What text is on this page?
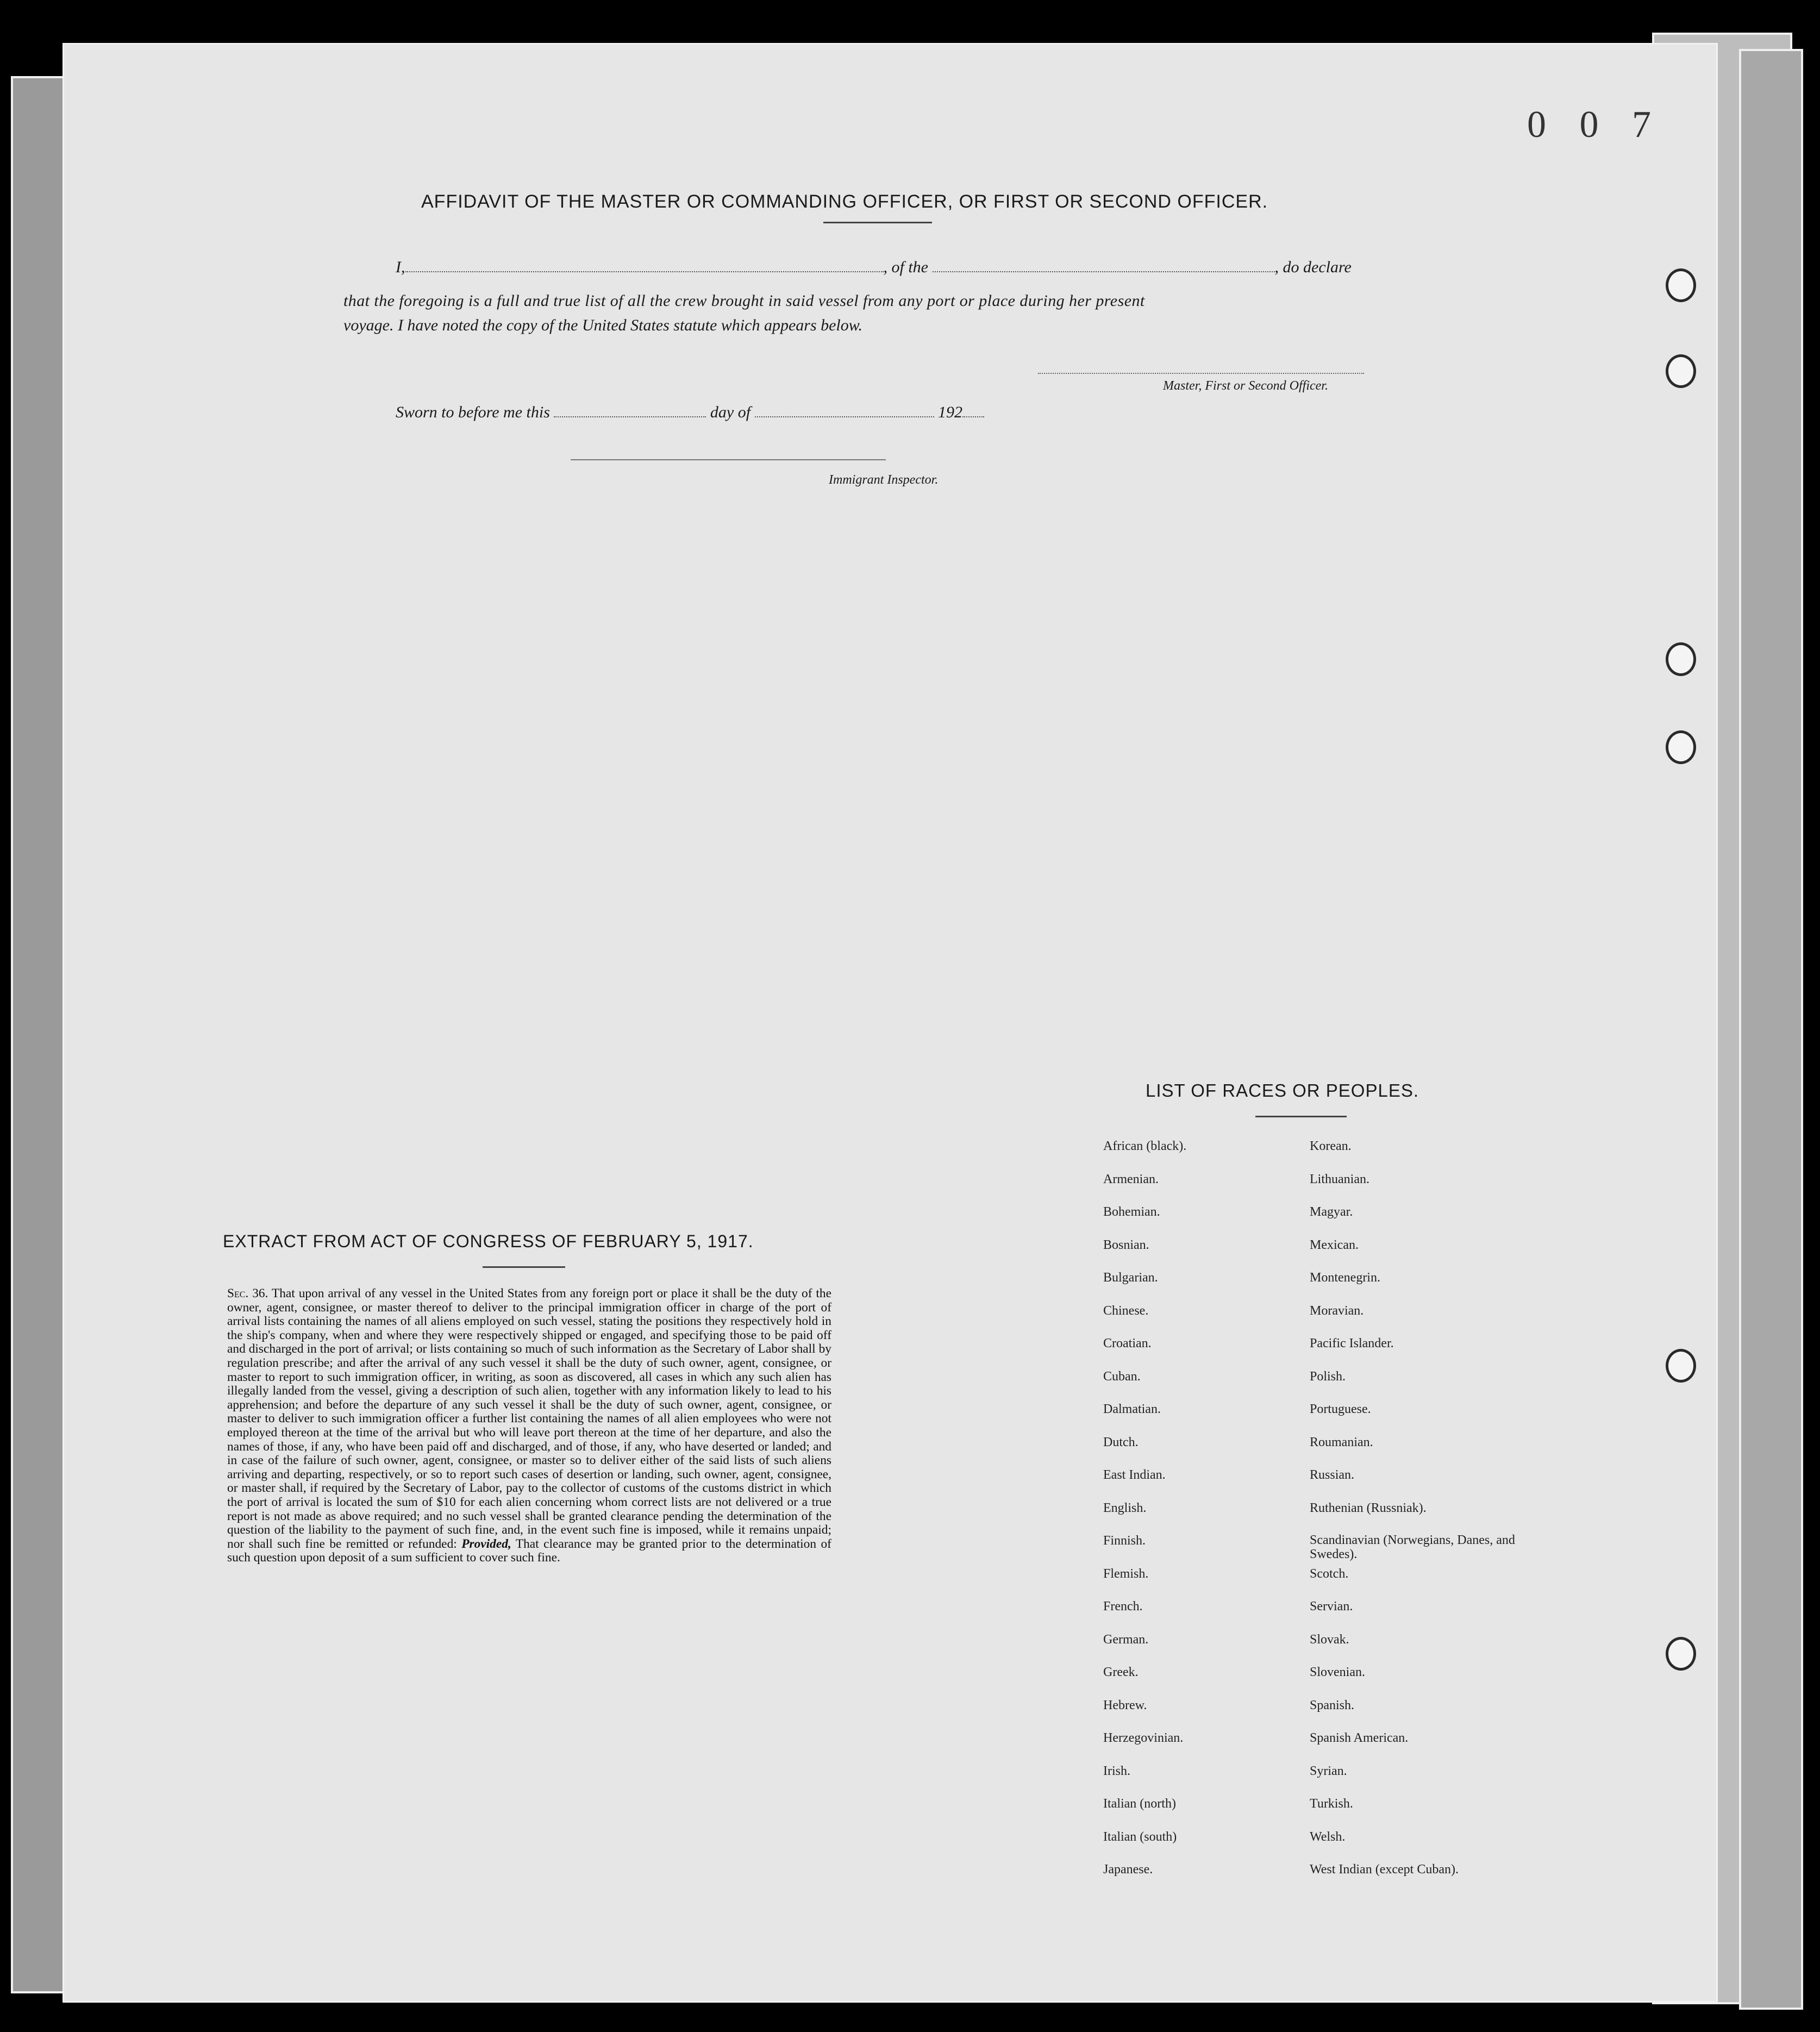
0 0 7
AFFIDAVIT OF THE MASTER OR COMMANDING OFFICER, OR FIRST OR SECOND OFFICER.
I,	, of the	, do declare
that the foregoing is a full and true list of all the crew brought in said vessel from any port or place during her present
voyage. I have noted the copy of the United States statute which appears below.
Master, First or Second Officer.
Sworn to before me this	day of	192
Immigrant Inspector.
EXTRACT FROM ACT OF CONGRESS OF FEBRUARY 5, 1917.
Sec. 36. That upon arrival of any vessel in the United States from any foreign port or place it shall be the duty of the owner, agent, consignee, or master thereof to deliver to the principal immigration officer in charge of the port of arrival lists containing the names of all aliens employed on such vessel, stating the positions they respectively hold in the ship's company, when and where they were respectively shipped or engaged, and specifying those to be paid off and discharged in the port of arrival; or lists containing so much of such information as the Secretary of Labor shall by regulation prescribe; and after the arrival of any such vessel it shall be the duty of such owner, agent, consignee, or master to report to such immigration officer, in writing, as soon as discovered, all cases in which any such alien has illegally landed from the vessel, giving a description of such alien, together with any information likely to lead to his apprehension; and before the departure of any such vessel it shall be the duty of such owner, agent, consignee, or master to deliver to such immigration officer a further list containing the names of all alien employees who were not employed thereon at the time of the arrival but who will leave port thereon at the time of her departure, and also the names of those, if any, who have been paid off and discharged, and of those, if any, who have deserted or landed; and in case of the failure of such owner, agent, consignee, or master so to deliver either of the said lists of such aliens arriving and departing, respectively, or so to report such cases of desertion or landing, such owner, agent, consignee, or master shall, if required by the Secretary of Labor, pay to the collector of customs of the customs district in which the port of arrival is located the sum of $10 for each alien concerning whom correct lists are not delivered or a true report is not made as above required; and no such vessel shall be granted clearance pending the determination of the question of the liability to the payment of such fine, and, in the event such fine is imposed, while it remains unpaid; nor shall such fine be remitted or refunded: Provided, That clearance may be granted prior to the determination of such question upon deposit of a sum sufficient to cover such fine.
LIST OF RACES OR PEOPLES.
African (black).	Korean.
Armenian.	Lithuanian.
Bohemian.	Magyar.
Bosnian.	Mexican.
Bulgarian.	Montenegrin.
Chinese.	Moravian.
Croatian.	Pacific Islander.
Cuban.	Polish.
Dalmatian.	Portuguese.
Dutch.	Roumanian.
East Indian.	Russian.
English.	Ruthenian (Russniak).
Finnish.	Scandinavian (Norwegians, Danes, and Swedes).
Flemish.	Scotch.
French.	Servian.
German.	Slovak.
Greek.	Slovenian.
Hebrew.	Spanish.
Herzegovinian.	Spanish American.
Irish.	Syrian.
Italian (north)	Turkish.
Italian (south)	Welsh.
Japanese.	West Indian (except Cuban).
